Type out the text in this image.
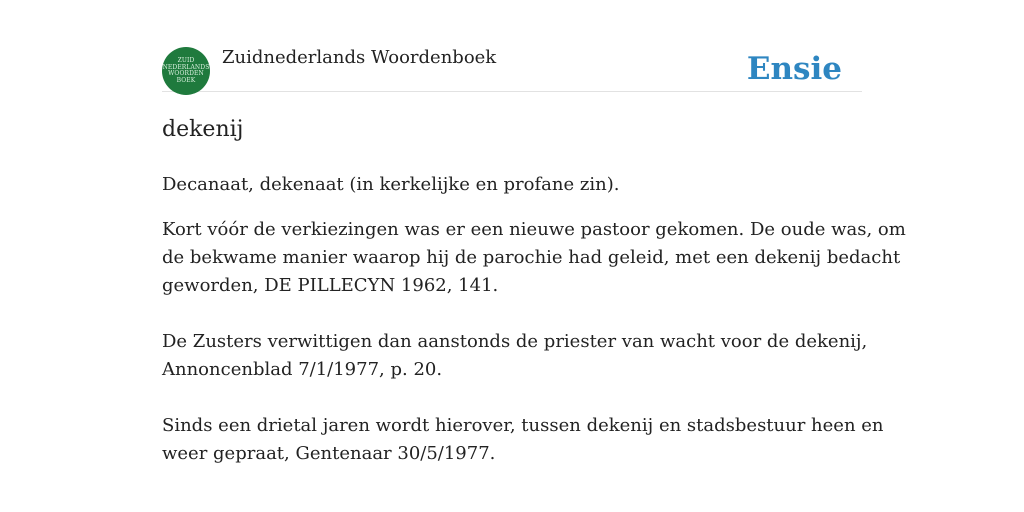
ZUID
NEDERLANDS
WOORDEN
BOEK
Zuidnederlands Woordenboek	Ensie
dekenij
Decanaat, dekenaat (in kerkelijke en profane zin).

Kort vóór de verkiezingen was er een nieuwe pastoor gekomen. De oude was, om
de bekwame manier waarop hij de parochie had geleid, met een dekenij bedacht
geworden, DE PILLECYN 1962, 141.

De Zusters verwittigen dan aanstonds de priester van wacht voor de dekenij,
Annoncenblad 7/1/1977, p. 20.

Sinds een drietal jaren wordt hierover, tussen dekenij en stadsbestuur heen en
weer gepraat, Gentenaar 30/5/1977.
